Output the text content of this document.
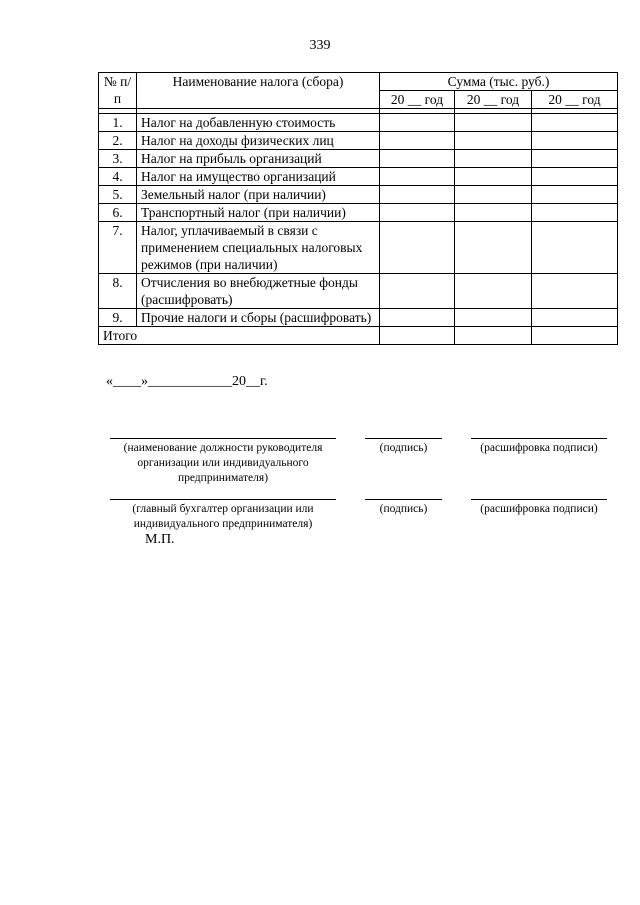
339
№ п/п	Наименование налога (сбора)	Сумма (тыс. руб.)		
		20 __ год	20 __ год	20 __ год

1.	Налог на добавленную стоимость			
2.	Налог на доходы физических лиц			
3.	Налог на прибыль организаций			
4.	Налог на имущество организаций			
5.	Земельный налог (при наличии)			
6.	Транспортный налог (при наличии)			
7.	Налог, уплачиваемый в связи с применением специальных налоговых режимов (при наличии)			
8.	Отчисления во внебюджетные фонды (расшифровать)			
9.	Прочие налоги и сборы (расшифровать)			
Итого				
«____»____________20__г.
(наименование должности руководителя организации или индивидуального предпринимателя)
(подпись)	(расшифровка подписи)
(главный бухгалтер организации или индивидуального предпринимателя)
(подпись)	(расшифровка подписи)
М.П.
